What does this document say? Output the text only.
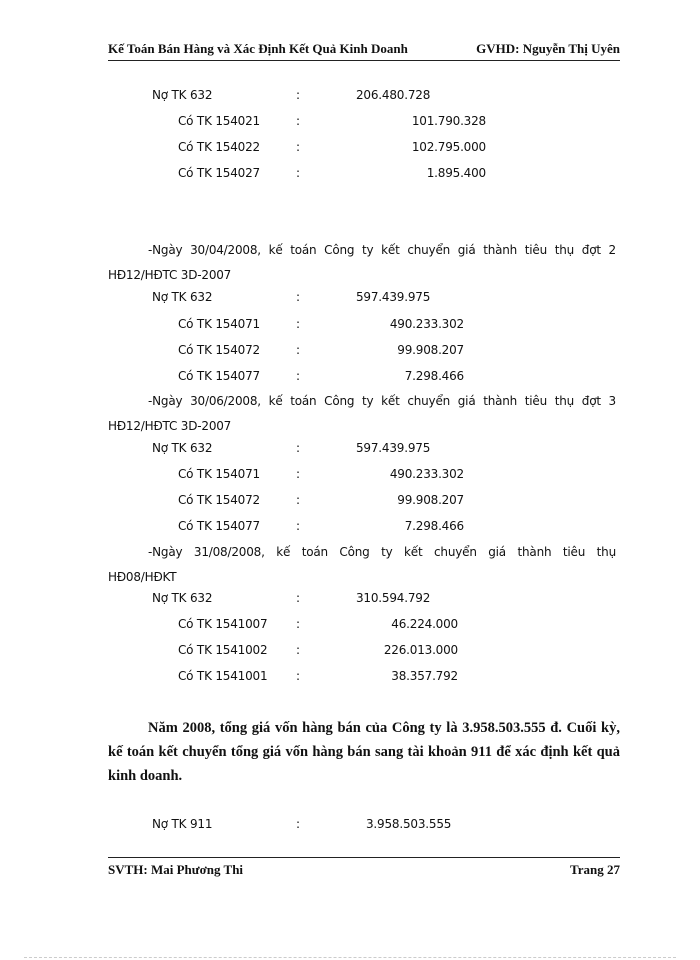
Kế Toán Bán Hàng và Xác Định Kết Quả Kinh Doanh	GVHD: Nguyễn Thị Uyên
Nợ TK 632	:	206.480.728
Có TK 154021	:	101.790.328
Có TK 154022	:	102.795.000
Có TK 154027	:	1.895.400
-Ngày 30/04/2008, kế toán Công ty kết chuyển giá thành tiêu thụ đợt 2
HĐ12/HĐTC 3D-2007
Nợ TK 632	:	597.439.975
Có TK 154071	:	490.233.302
Có TK 154072	:	99.908.207
Có TK 154077	:	7.298.466
-Ngày 30/06/2008, kế toán Công ty kết chuyển giá thành tiêu thụ đợt 3
HĐ12/HĐTC 3D-2007
Nợ TK 632	:	597.439.975
Có TK 154071	:	490.233.302
Có TK 154072	:	99.908.207
Có TK 154077	:	7.298.466
-Ngày 31/08/2008, kế toán Công ty kết chuyển giá thành tiêu thụ
HĐ08/HĐKT
Nợ TK 632	:	310.594.792
Có TK 1541007 :	46.224.000
Có TK 1541002 :	226.013.000
Có TK 1541001 :	38.357.792
Năm 2008, tổng giá vốn hàng bán của Công ty là 3.958.503.555 đ. Cuối kỳ, kế toán kết chuyển tổng giá vốn hàng bán sang tài khoản 911 để xác định kết quả kinh doanh.
Nợ TK 911	:	3.958.503.555
SVTH: Mai Phương Thi	Trang 27
